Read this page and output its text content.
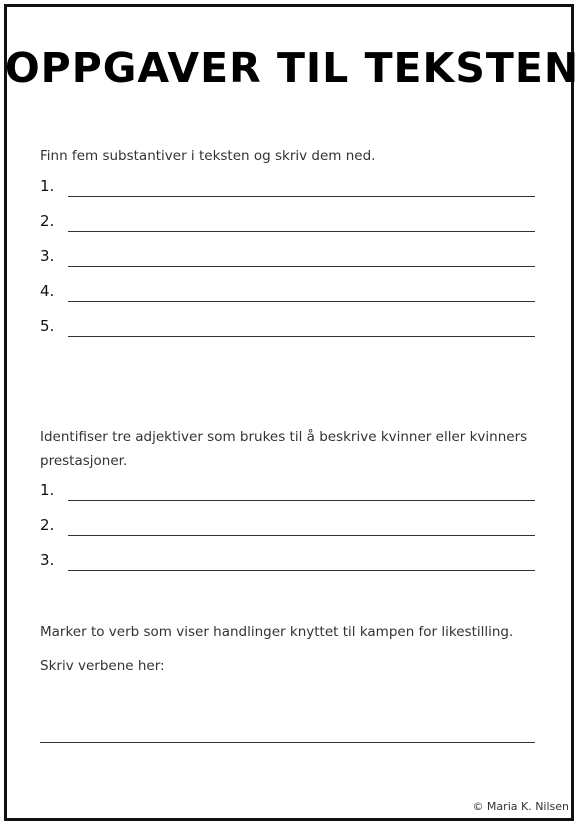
OPPGAVER TIL TEKSTEN

Finn fem substantiver i teksten og skriv dem ned.

1.
2.
3.
4.
5.

Identifiser tre adjektiver som brukes til å beskrive kvinner eller kvinners prestasjoner.

1.
2.
3.

Marker to verb som viser handlinger knyttet til kampen for likestilling.

Skriv verbene her:

© Maria K. Nilsen
